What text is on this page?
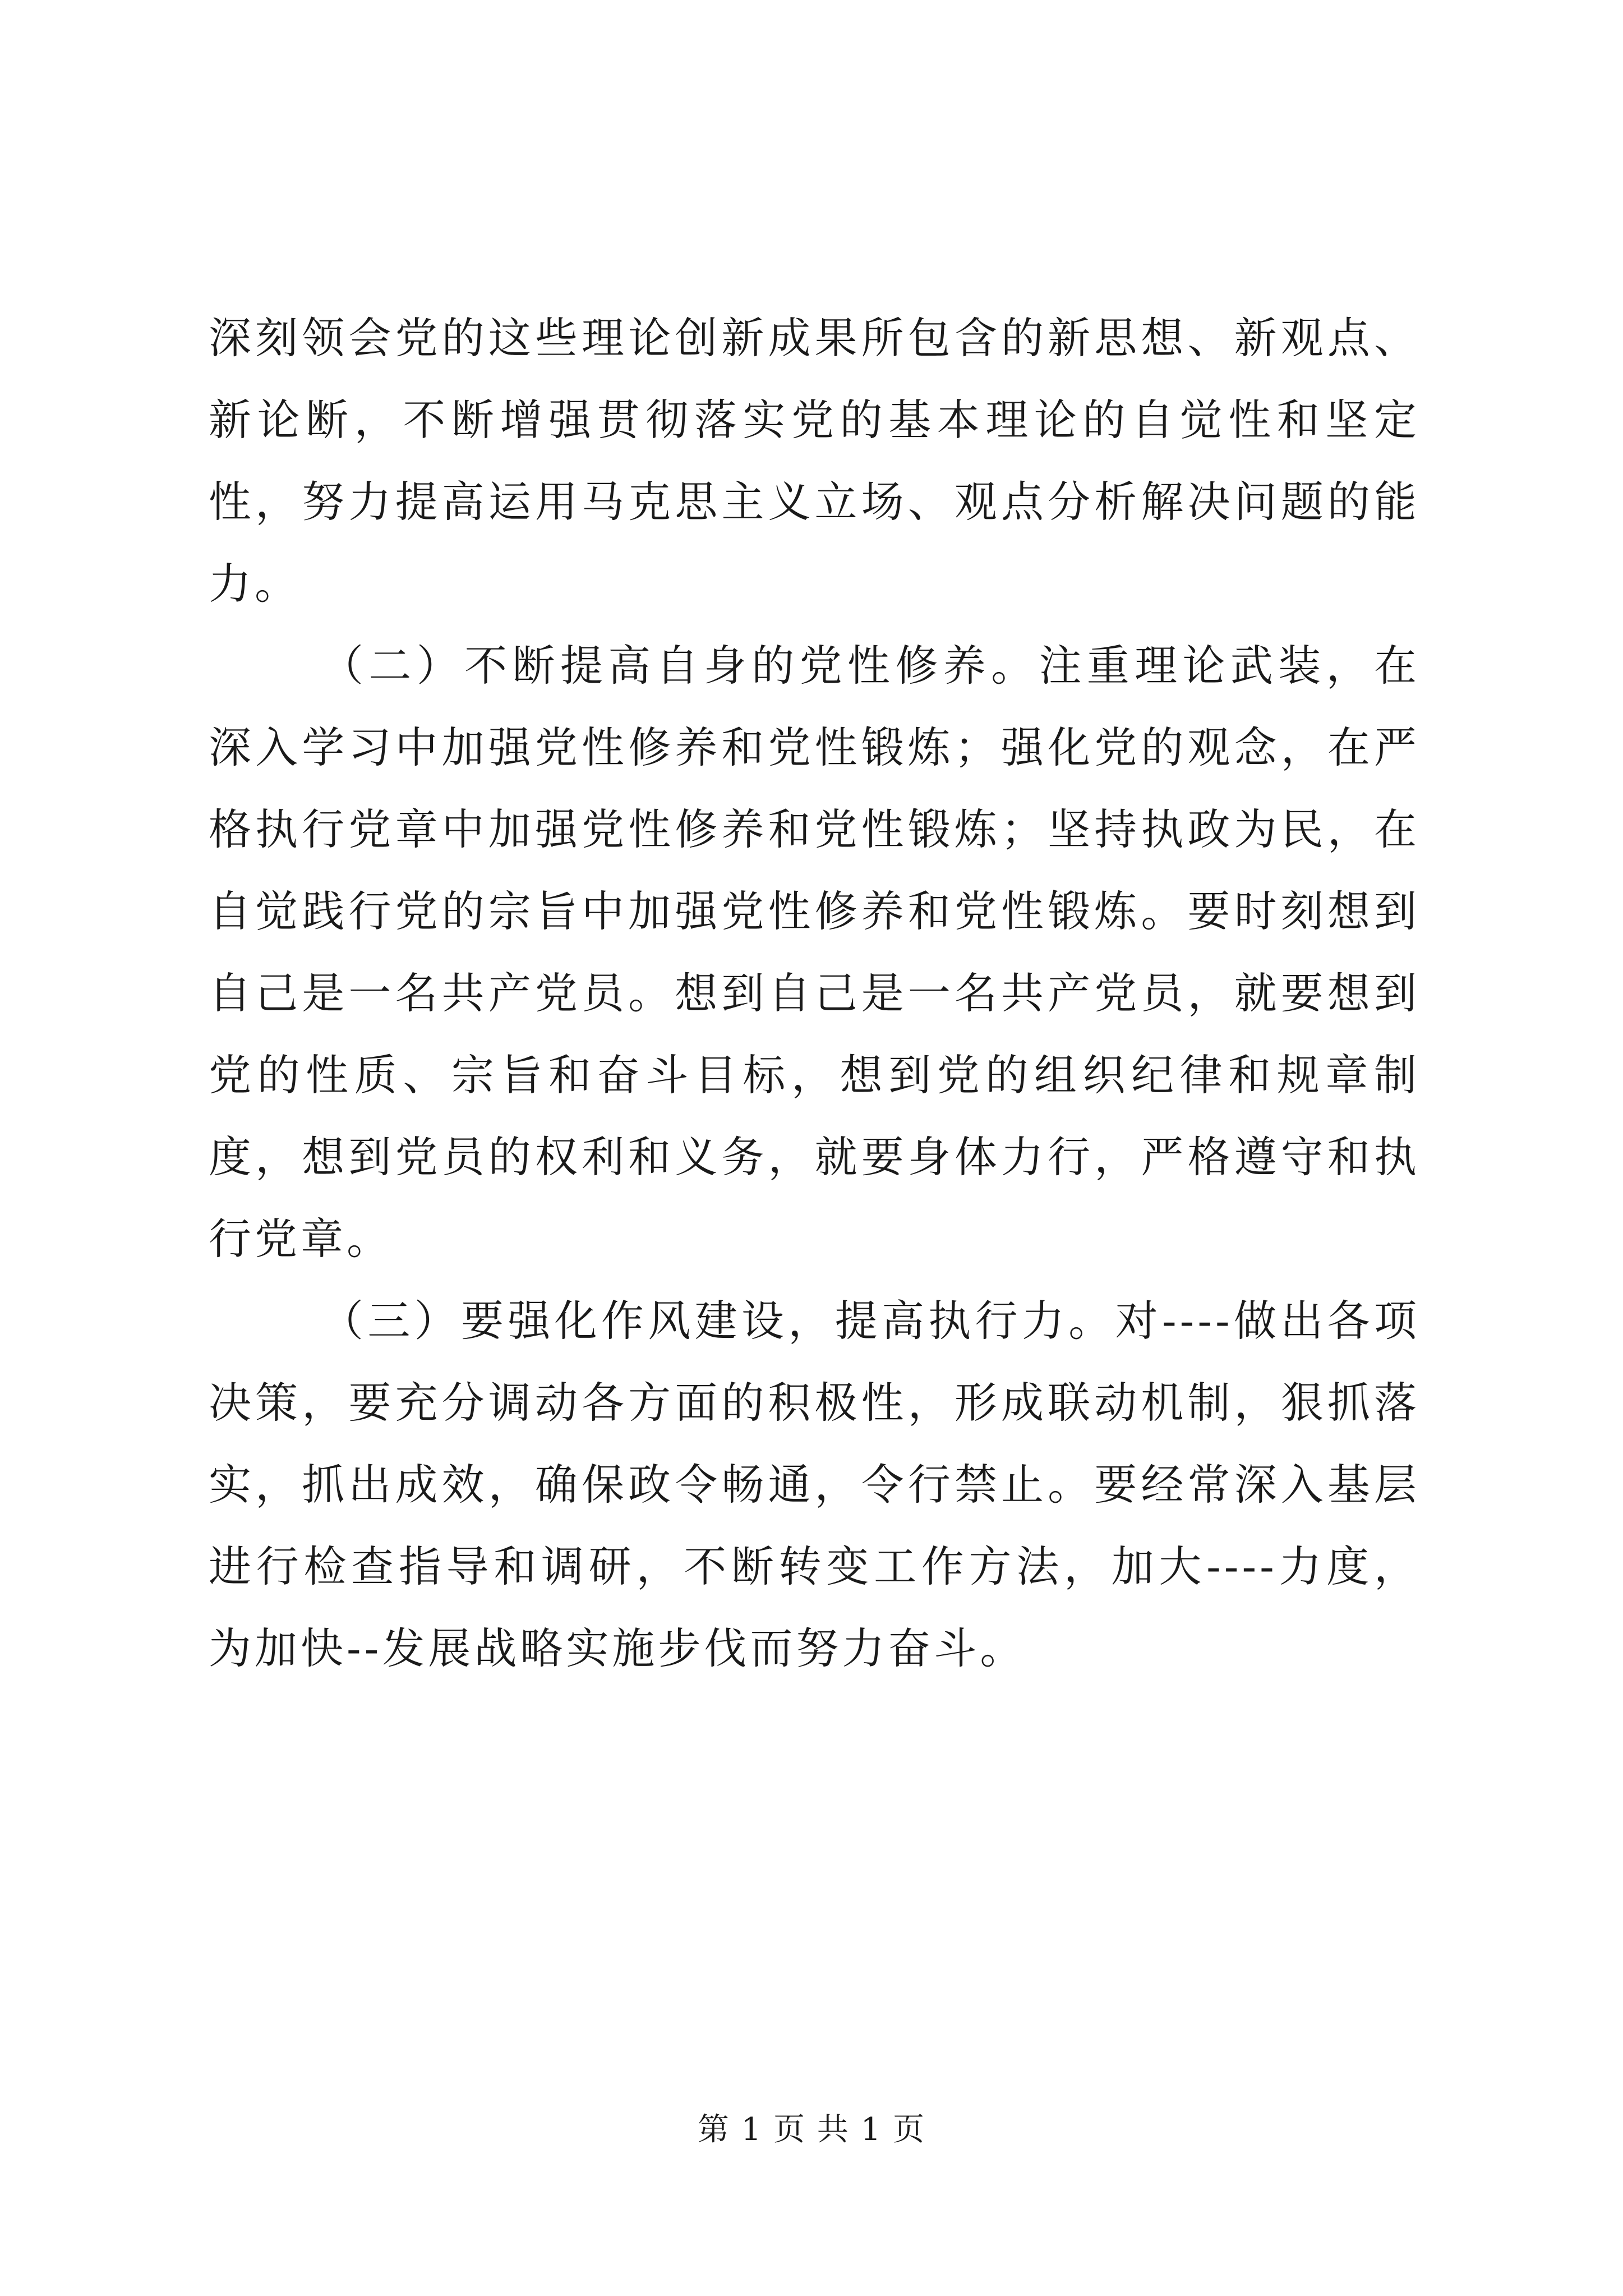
深刻领会党的这些理论创新成果所包含的新思想、新观点、新论断，不断增强贯彻落实党的基本理论的自觉性和坚定性，努力提高运用马克思主义立场、观点分析解决问题的能力。

（二）不断提高自身的党性修养。注重理论武装，在深入学习中加强党性修养和党性锻炼；强化党的观念，在严格执行党章中加强党性修养和党性锻炼；坚持执政为民，在自觉践行党的宗旨中加强党性修养和党性锻炼。要时刻想到自己是一名共产党员。想到自己是一名共产党员，就要想到党的性质、宗旨和奋斗目标，想到党的组织纪律和规章制度，想到党员的权利和义务，就要身体力行，严格遵守和执行党章。

（三）要强化作风建设，提高执行力。对----做出各项决策，要充分调动各方面的积极性，形成联动机制，狠抓落实，抓出成效，确保政令畅通，令行禁止。要经常深入基层进行检查指导和调研，不断转变工作方法，加大----力度，为加快--发展战略实施步伐而努力奋斗。

第 1 页 共 1 页
